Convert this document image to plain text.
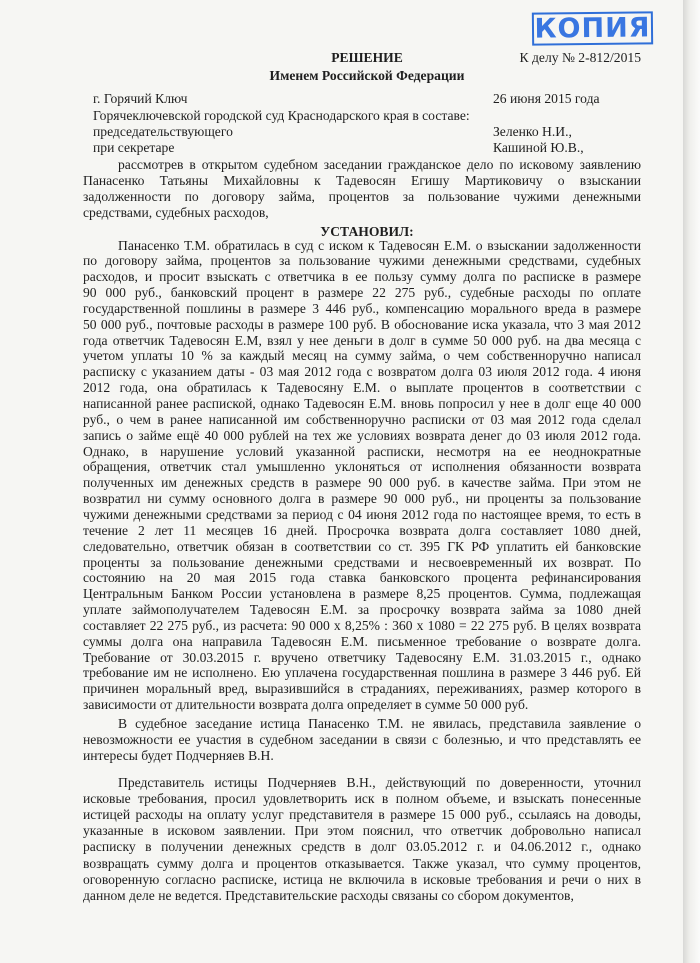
КОПИЯ
К делу № 2-812/2015
РЕШЕНИЕ
Именем Российской Федерации
г. Горячий Ключ	26 июня 2015 года
Горячеключевской городской суд Краснодарского края в составе:
председательствующего	Зеленко Н.И.,
при секретаре	Кашиной Ю.В.,
рассмотрев в открытом судебном заседании гражданское дело по исковому заявлению
Панасенко Татьяны Михайловны к Тадевосян Егишу Мартиковичу о взыскании
задолженности по договору займа, процентов за пользование чужими денежными
средствами, судебных расходов,
УСТАНОВИЛ:
Панасенко Т.М. обратилась в суд с иском к Тадевосян Е.М. о взыскании задолженности
по договору займа, процентов за пользование чужими денежными средствами, судебных
расходов, и просит взыскать с ответчика в ее пользу сумму долга по расписке в размере
90 000 руб., банковский процент в размере 22 275 руб., судебные расходы по оплате
государственной пошлины в размере 3 446 руб., компенсацию морального вреда в размере
50 000 руб., почтовые расходы в размере 100 руб. В обоснование иска указала, что 3 мая 2012
года ответчик Тадевосян Е.М, взял у нее деньги в долг в сумме 50 000 руб. на два месяца с
учетом уплаты 10 % за каждый месяц на сумму займа, о чем собственноручно написал
расписку с указанием даты - 03 мая 2012 года с возвратом долга 03 июля 2012 года. 4 июня
2012 года, она обратилась к Тадевосяну Е.М. о выплате процентов в соответствии с
написанной ранее распиской, однако Тадевосян Е.М. вновь попросил у нее в долг еще 40 000
руб., о чем в ранее написанной им собственноручно расписки от 03 мая 2012 года сделал
запись о займе ещё 40 000 рублей на тех же условиях возврата денег до 03 июля 2012 года.
Однако, в нарушение условий указанной расписки, несмотря на ее неоднократные
обращения, ответчик стал умышленно уклоняться от исполнения обязанности возврата
полученных им денежных средств в размере 90 000 руб. в качестве займа. При этом не
возвратил ни сумму основного долга в размере 90 000 руб., ни проценты за пользование
чужими денежными средствами за период с 04 июня 2012 года по настоящее время, то есть в
течение 2 лет 11 месяцев 16 дней. Просрочка возврата долга составляет 1080 дней,
следовательно, ответчик обязан в соответствии со ст. 395 ГК РФ уплатить ей банковские
проценты за пользование денежными средствами и несвоевременный их возврат. По
состоянию на 20 мая 2015 года ставка банковского процента рефинансирования
Центральным Банком России установлена в размере 8,25 процентов. Сумма, подлежащая
уплате займополучателем Тадевосян Е.М. за просрочку возврата займа за 1080 дней
составляет 22 275 руб., из расчета: 90 000 х 8,25% : 360 х 1080 = 22 275 руб. В целях возврата
суммы долга она направила Тадевосян Е.М. письменное требование о возврате долга.
Требование от 30.03.2015 г. вручено ответчику Тадевосяну Е.М. 31.03.2015 г., однако
требование им не исполнено. Ею уплачена государственная пошлина в размере 3 446 руб. Ей
причинен моральный вред, выразившийся в страданиях, переживаниях, размер которого в
зависимости от длительности возврата долга определяет в сумме 50 000 руб.
В судебное заседание истица Панасенко Т.М. не явилась, представила заявление о
невозможности ее участия в судебном заседании в связи с болезнью, и что представлять ее
интересы будет Подчерняев В.Н.
Представитель истицы Подчерняев В.Н., действующий по доверенности, уточнил
исковые требования, просил удовлетворить иск в полном объеме, и взыскать понесенные
истицей расходы на оплату услуг представителя в размере 15 000 руб., ссылаясь на доводы,
указанные в исковом заявлении. При этом пояснил, что ответчик добровольно написал
расписку в получении денежных средств в долг 03.05.2012 г. и 04.06.2012 г., однако
возвращать сумму долга и процентов отказывается. Также указал, что сумму процентов,
оговоренную согласно расписке, истица не включила в исковые требования и речи о них в
данном деле не ведется. Представительские расходы связаны со сбором документов,
